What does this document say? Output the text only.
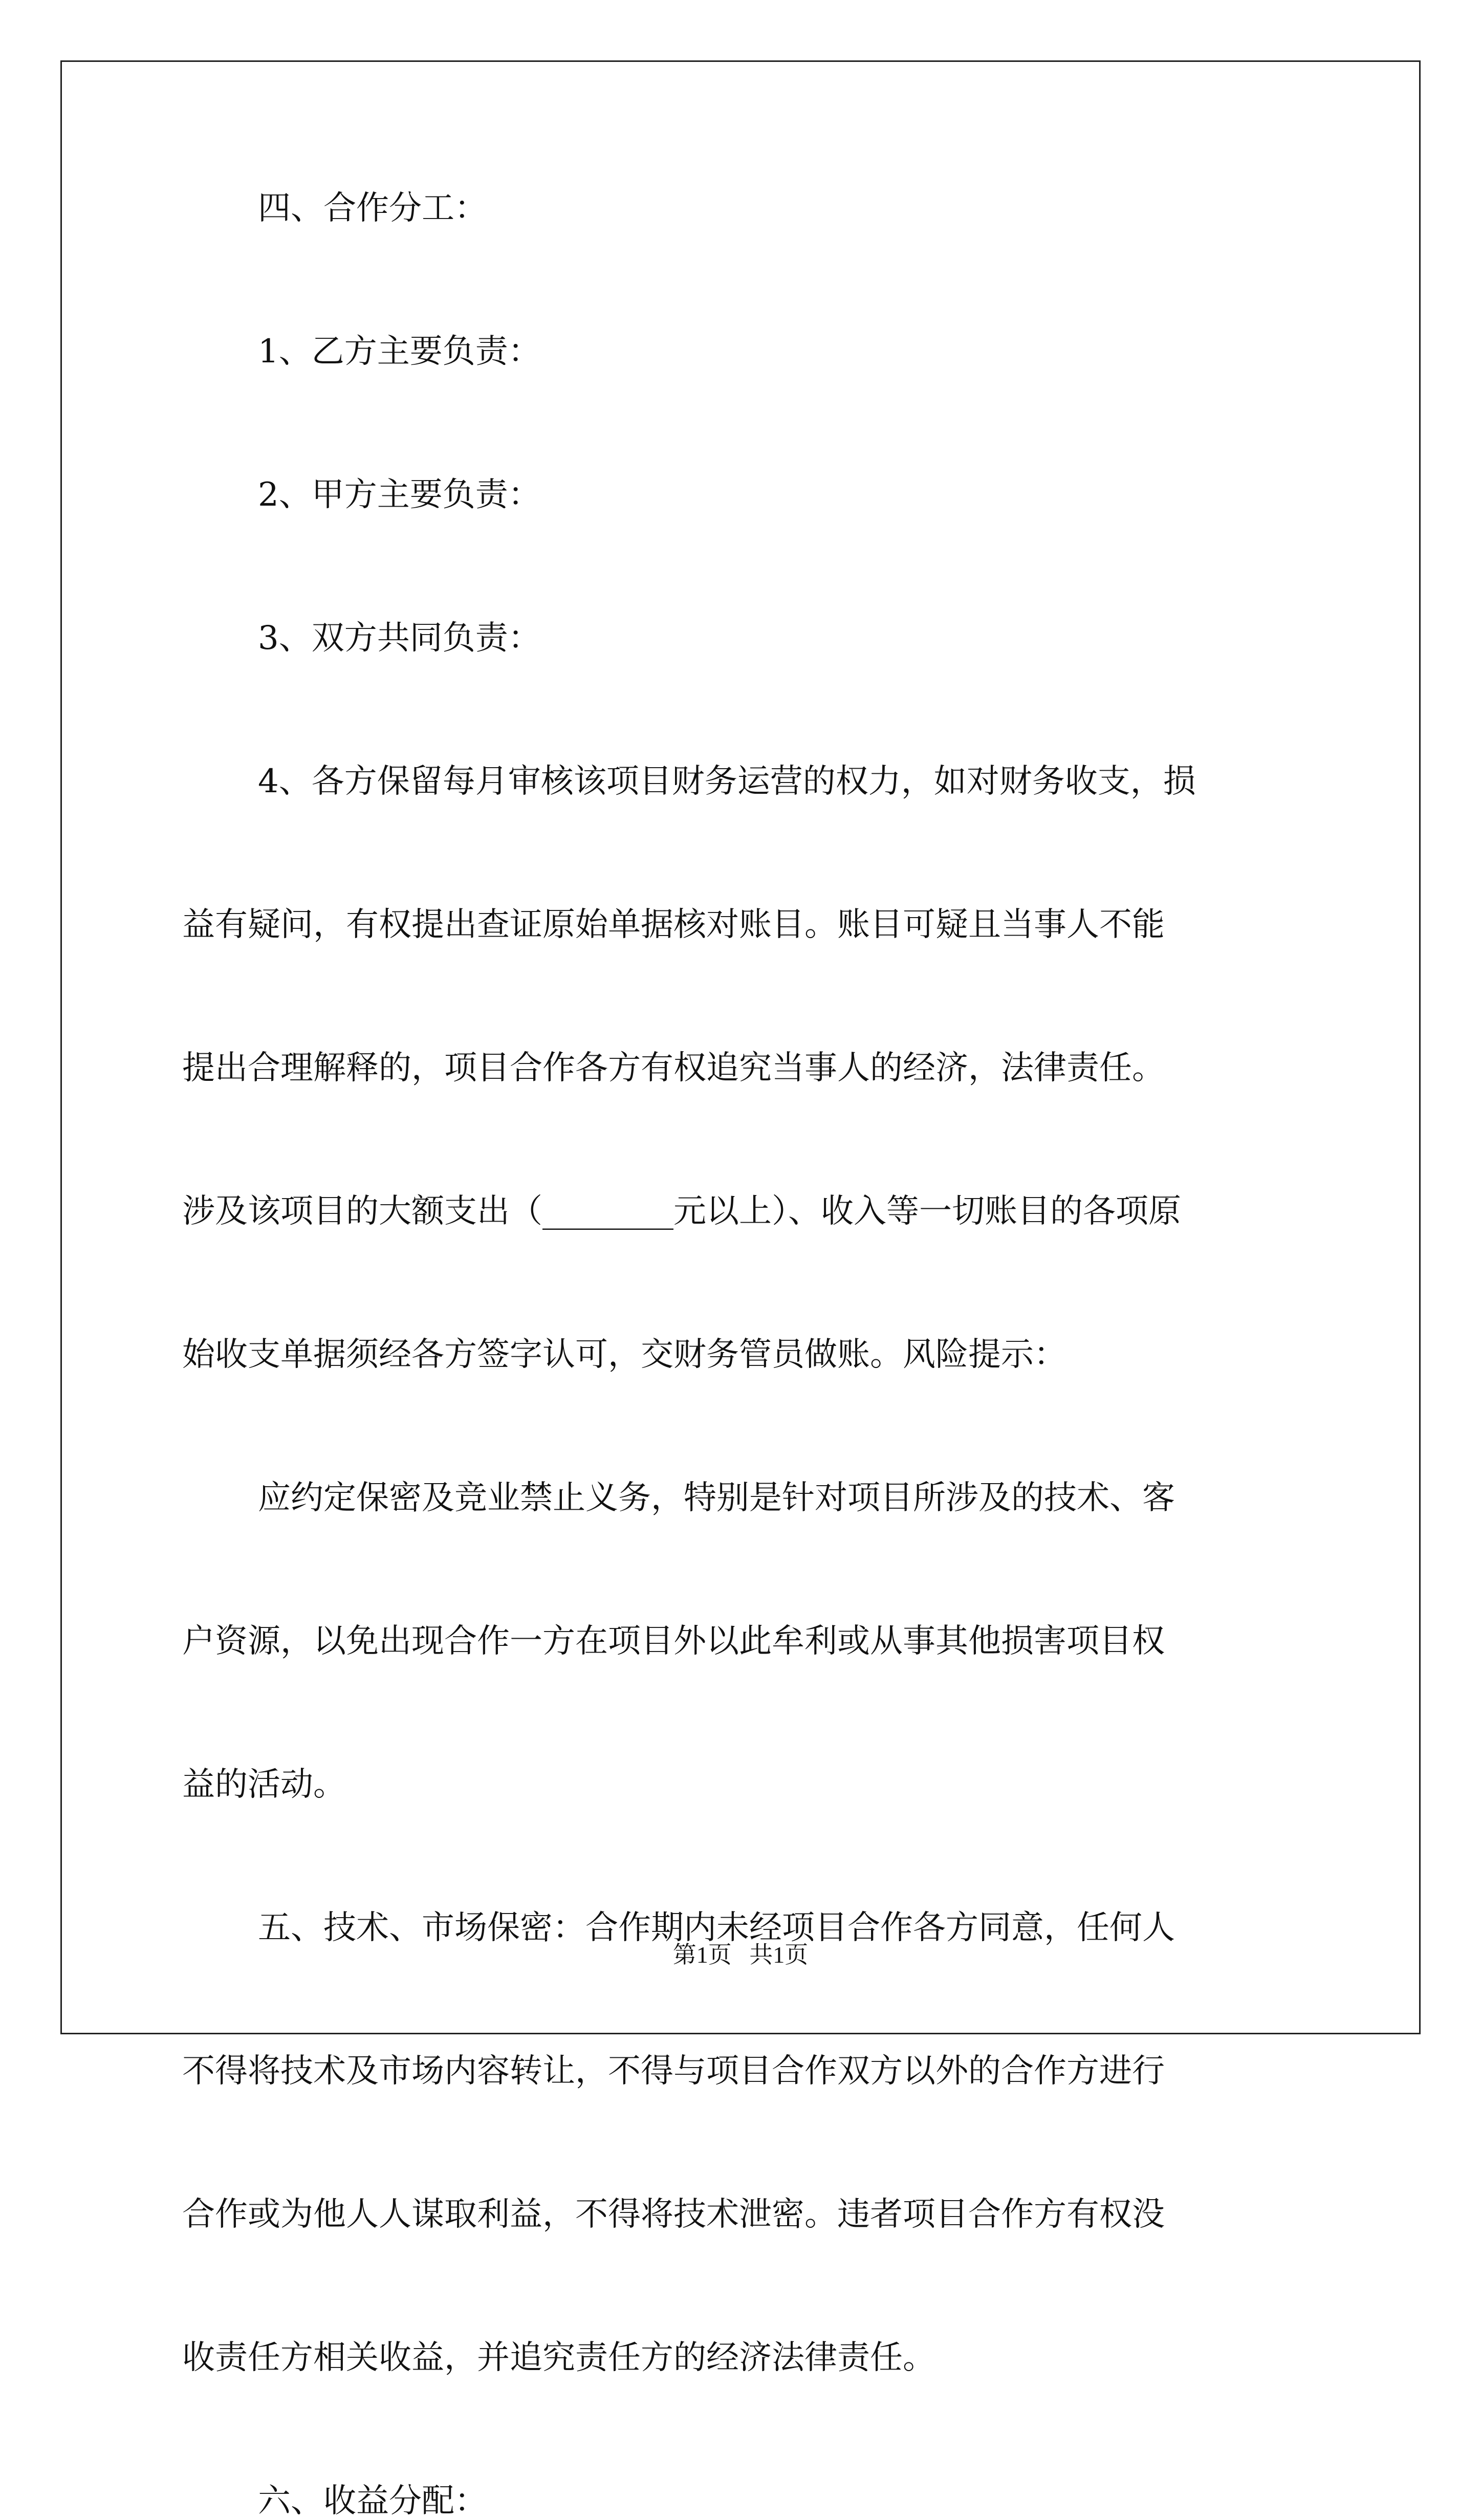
四、合作分工：
1、乙方主要负责：
2、甲方主要负责：
3、双方共同负责：
4、各方保留每月审核该项目财务运营的权力，如对财务收支，损
益有疑问，有权提出查证原始单据核对账目。账目可疑且当事人不能
提出合理解释的，项目合作各方有权追究当事人的经济，法律责任。
涉及该项目的大额支出（________元以上）、收入等一切账目的各项原
始收支单据须经各方签字认可，交财务管员做账。风险提示：
应约定保密及竞业禁止义务，特别是针对项目所涉及的技术、客
户资源，以免出现合作一方在项目外以此牟利或从事其他损害项目权
益的活动。
五、技术、市场保密：合作期内未经项目合作各方同意，任何人
不得将技术及市场内容转让，不得与项目合作双方以外的合作方进行
合作或为他人人谋取利益，不得将技术泄密。违者项目合作方有权没
收责任方相关收益，并追究责任方的经济法律责任。
六、收益分配：
第1页   共1页
